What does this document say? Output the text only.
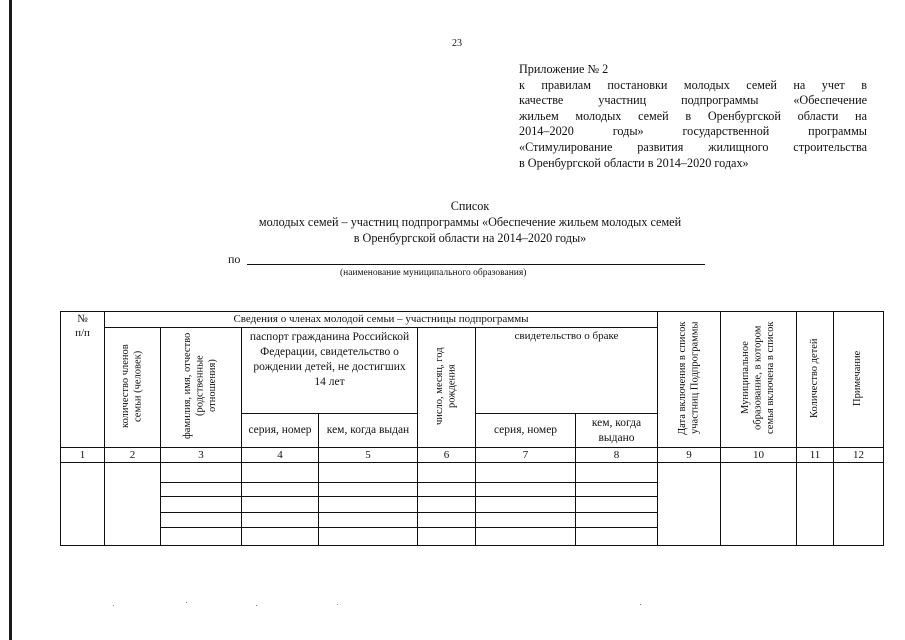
23
Приложение № 2
к правилам постановки молодых семей на учет в
качестве участниц подпрограммы «Обеспечение
жильем молодых семей в Оренбургской области на
2014–2020 годы» государственной программы
«Стимулирование развития жилищного строительства
в Оренбургской области в 2014–2020 годах»
Список
молодых семей – участниц подпрограммы «Обеспечение жильем молодых семей
в Оренбургской области на 2014–2020 годы»
по
(наименование муниципального образования)
№
п/п	Сведения о членах молодой семьи – участницы подпрограммы							Дата включения в список участниц Подпрограммы	Муниципальное образование, в котором семья включена в список	Количество детей	Примечание
	количество членов семьи (человек)	фамилия, имя, отчество (родственные отношения)	паспорт гражданина Российской Федерации, свидетельство о рождении детей, не достигших 14 лет		число, месяц, год рождения	свидетельство о браке					
			серия, номер	кем, когда выдан		серия, номер	кем, когда выдано				
1	2	3	4	5	6	7	8	9	10	11	12
